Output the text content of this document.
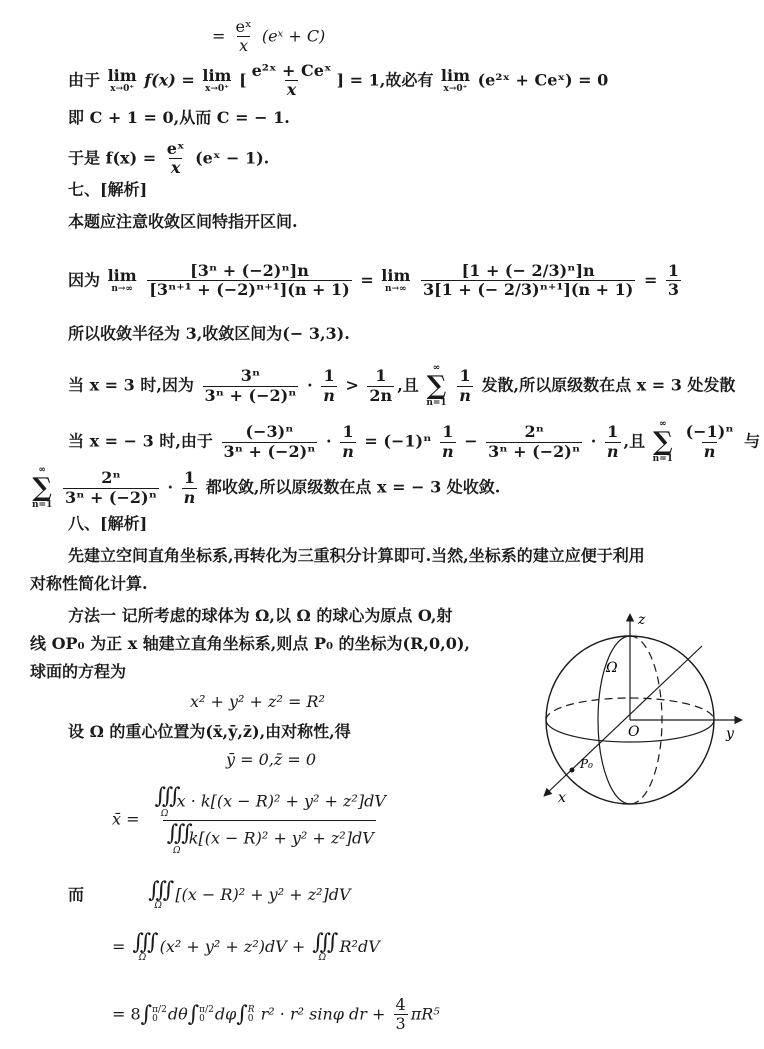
= $\frac{\text{eˣ}}{x}$ (eˣ + C)
由于 lim
x→0⁺ f(x) = lim
x→0⁺ [ $\frac{\text{e²ˣ + Ceˣ}}{x}$ ] = 1,故必有 lim
x→0⁺ (e²ˣ + Ceˣ) = 0
即 C + 1 = 0,从而 C = − 1.
于是 $f(x) = \frac{\text{eˣ}}{x}$ (eˣ − 1).
七、[解析]
本题应注意收敛区间特指开区间.
因为 lim
n→∞
$\frac{\text{[3ⁿ + (−2)ⁿ]n}}{\text{[3ⁿ⁺¹ + (−2)ⁿ⁺¹](n + 1)}} = \lim$
n→∞
$\frac{\text{[1 + (− 2/3)ⁿ]n}}{\text{3[1 + (− 2/3)ⁿ⁺¹](n + 1)}} = \frac{1}{3}$
所以收敛半径为 3,收敛区间为(− 3,3).
当 x = 3 时,因为 $\frac{\text{3ⁿ}}{\text{3ⁿ + (−2)ⁿ}} \cdot \frac{1}{n} > \frac{1}{2n}$ ,且
∞
∑
n=1
$\frac{1}{n}$ 发散,所以原级数在点 x = 3 处发散
当 x = − 3 时,由于 $\frac{\text{(−3)ⁿ}}{\text{3ⁿ + (−2)ⁿ}} \cdot \frac{1}{n} = (-1)^n \frac{1}{n} - \frac{\text{2ⁿ}}{\text{3ⁿ + (−2)ⁿ}} \cdot \frac{1}{n}$ ,且
∞
∑
n=1
$\frac{\text{(−1)ⁿ}}{n}$ 与
∞
∑
n=1
$\frac{\text{2ⁿ}}{\text{3ⁿ + (−2)ⁿ}} \cdot \frac{1}{n}$ 都收敛,所以原级数在点 x = − 3 处收敛.
八、[解析]
先建立空间直角坐标系,再转化为三重积分计算即可.当然,坐标系的建立应便于利用
对称性简化计算.
方法一 记所考虑的球体为 Ω,以 Ω 的球心为原点 O,射
线 OP₀ 为正 x 轴建立直角坐标系,则点 P₀ 的坐标为(R,0,0),
球面的方程为
x² + y² + z² = R²
设 Ω 的重心位置为(x̄,ȳ,z̄),由对称性,得
ȳ = 0,z̄ = 0
x̄ = ∭
Ω
x · k[(x − R)² + y² + z²]dV
∭
Ω
k[(x − R)² + y² + z²]dV
而	∭
Ω
[(x − R)² + y² + z²]dV
= ∭
Ω
(x² + y² + z²)dV + ∭
Ω
R²dV
= 8∫ π/2
0 dθ∫ π/2
0 dφ∫ R
0 r² · r² sinφ dr + $\frac{4}{3} \pi R^5$
z
y
x
Ω
O
P₀
